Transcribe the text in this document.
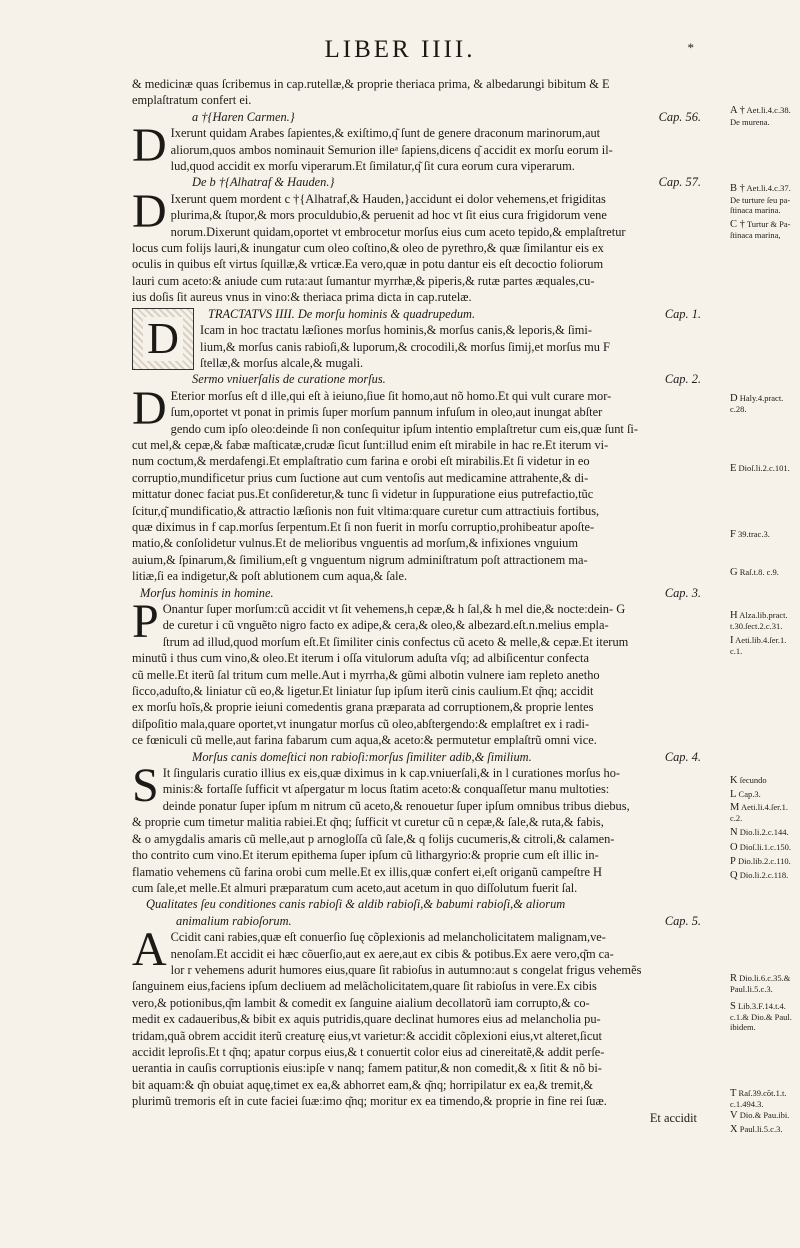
LIBER IIII.	*

& medicinæ quas ſcribemus in cap.rutellæ,& proprie theriaca prima, & albedarungi bibitum & E

emplaſtratum confert ei.

a †{Haren Carmen.}	Cap. 56.
D Ixerunt quidam Arabes ſapientes,& exiſtimo,q͂ ſunt de genere draconum marinorum,aut

aliorum,quos ambos nominauit Semurion illeᵃ ſapiens,dicens q͂ accidit ex morſu eorum il-

lud,quod accidit ex morſu viperarum.Et ſimilatur,q͂ ſit cura eorum cura viperarum.

De b †{Alhatraf & Hauden.}	Cap. 57.
D Ixerunt quem mordent c †{Alhatraf,& Hauden,}accidunt ei dolor vehemens,et frigiditas

plurima,& ſtupor,& mors proculdubio,& peruenit ad hoc vt ſit eius cura frigidorum vene

norum.Dixerunt quidam,oportet vt embrocetur morſus eius cum aceto tepido,& emplaſtretur

locus cum folijs lauri,& inungatur cum oleo coſtino,& oleo de pyrethro,& quæ ſimilantur eis ex

oculis in quibus eſt virtus ſquillæ,& vrticæ.Ea vero,quæ in potu dantur eis eſt decoctio foliorum

lauri cum aceto:& aniude cum ruta:aut ſumantur myrrhæ,& piperis,& rutæ partes æquales,cu-

ius doſis ſit aureus vnus in vino:& theriaca prima dicta in cap.rutelæ.

D	TRACTATVS IIII. De morſu hominis & quadrupedum.	Cap. 1.

Icam in hoc tractatu læſiones morſus hominis,& morſus canis,& leporis,& ſimi-

lium,& morſus canis rabioſi,& luporum,& crocodili,& morſus ſimij,et morſus mu F

ſtellæ,& morſus alcale,& mugali.

Sermo vniuerſalis de curatione morſus.	Cap. 2.
D Eterior morſus eſt d ille,qui eſt à ieiuno,ſiue ſit homo,aut nõ homo.Et qui vult curare mor-

ſum,oportet vt ponat in primis ſuper morſum pannum infuſum in oleo,aut inungat abſter

gendo cum ipſo oleo:deinde ſi non conſequitur ipſum intentio emplaſtretur cum eis,quæ ſunt ſi-

cut mel,& cepæ,& fabæ maſticatæ,crudæ ſicut ſunt:illud enim eſt mirabile in hac re.Et iterum vi-

num coctum,& merdafengi.Et emplaſtratio cum farina e orobi eſt mirabilis.Et ſi videtur in eo

corruptio,mundificetur prius cum ſuctione aut cum ventoſis aut medicamine attrahente,& di-

mittatur donec faciat pus.Et conſideretur,& tunc ſi videtur in ſuppuratione eius putrefactio,tũc

ſcitur,q͂ mundificatio,& attractio læſionis non fuit vltima:quare curetur cum attractiuis fortibus,

quæ diximus in f cap.morſus ſerpentum.Et ſi non fuerit in morſu corruptio,prohibeatur apoſte-

matio,& conſolidetur vulnus.Et de melioribus vnguentis ad morſum,& infixiones vnguium

auium,& ſpinarum,& ſimilium,eſt g vnguentum nigrum adminiſtratum poſt attractionem ma-

litiæ,ſi ea indigetur,& poſt ablutionem cum aqua,& ſale.

Morſus hominis in homine.	Cap. 3.
P Onantur ſuper morſum:cũ accidit vt ſit vehemens,h cepæ,& h ſal,& h mel die,& nocte:dein- G

de curetur i cũ vnguẽto nigro facto ex adipe,& cera,& oleo,& albezard.eſt.n.melius empla-

ſtrum ad illud,quod morſum eſt.Et ſimiliter cinis confectus cũ aceto & melle,& cepæ.Et iterum

minutũ i thus cum vino,& oleo.Et iterum i oſſa vitulorum aduſta vſq; ad albiſicentur confecta

cũ melle.Et iterũ ſal tritum cum melle.Aut i myrrha,& gũmi albotin vulnere iam repleto anetho

ſicco,aduſto,& liniatur cũ eo,& ligetur.Et liniatur ſup ipſum iterũ cinis caulium.Et q͂nq; accidit

ex morſu hoĩs,& proprie ieiuni comedentis grana præparata ad corruptionem,& proprie lentes

diſpoſitio mala,quare oportet,vt inungatur morſus cũ oleo,abſtergendo:& emplaſtret ex i radi-

ce fœniculi cũ melle,aut farina fabarum cum aqua,& aceto:& permutetur emplaſtrũ omni vice.

Morſus canis domeſtici non rabioſi:morſus ſimiliter adib,& ſimilium.	Cap. 4.
S It ſingularis curatio illius ex eis,quæ diximus in k cap.vniuerſali,& in l curationes morſus ho-

minis:& fortaſſe ſufficit vt aſpergatur m locus ſtatim aceto:& conquaſſetur manu multoties:

deinde ponatur ſuper ipſum m nitrum cũ aceto,& renouetur ſuper ipſum omnibus tribus diebus,

& proprie cum timetur malitia rabiei.Et q͂nq; ſufficit vt curetur cũ n cepæ,& ſale,& ruta,& fabis,

& o amygdalis amaris cũ melle,aut p arnogloſſa cũ ſale,& q folijs cucumeris,& citroli,& calamen-

tho contrito cum vino.Et iterum epithema ſuper ipſum cũ lithargyrio:& proprie cum eſt illic in-

flamatio vehemens cũ farina orobi cum melle.Et ex illis,quæ confert ei,eſt origanũ campeſtre H

cum ſale,et melle.Et almuri præparatum cum aceto,aut acetum in quo diſſolutum fuerit ſal.

Qualitates ſeu conditiones canis rabioſi & aldib rabioſi,& babumi rabioſi,& aliorum

animalium rabioſorum.	Cap. 5.
A Ccidit cani rabies,quæ eſt conuerſio ſuę cõplexionis ad melancholicitatem malignam,ve-

nenoſam.Et accidit ei hæc cõuerſio,aut ex aere,aut ex cibis & potibus.Ex aere vero,q͂m ca-

lor r vehemens adurit humores eius,quare ſit rabioſus in autumno:aut s congelat frigus vehemẽs

ſanguinem eius,faciens ipſum decliuem ad melãcholicitatem,quare ſit rabioſus in vere.Ex cibis

vero,& potionibus,q͂m lambit & comedit ex ſanguine aialium decollatorũ iam corrupto,& co-

medit ex cadaueribus,& bibit ex aquis putridis,quare declinat humores eius ad melancholia pu-

tridam,quã obrem accidit iterũ creaturę eius,vt varietur:& accidit cõplexioni eius,vt alteret,ſicut

accidit leproſis.Et t q͂nq; apatur corpus eius,& t conuertit color eius ad cinereitatẽ,& addit perſe-

uerantia in cauſis corruptionis eius:ipſe v nanq; famem patitur,& non comedit,& x ſitit & nõ bi-

bit aquam:& q͂n obuiat aquę,timet ex ea,& abhorret eam,& q͂nq; horripilatur ex ea,& tremit,&

plurimũ tremoris eſt in cute faciei ſuæ:imo q͂nq; moritur ex ea timendo,& proprie in fine rei ſuæ.

Et accidit

A † Aet.li.4.c.38.
De murena.
B † Aet.li.4.c.37.
De turture ſeu pa-ſtinaca marina.
C † Turtur & Pa-ſtinaca marina,
D Haly.4.pract. c.28.
E Dioſ.li.2.c.101.
F 39.trac.3.
G Raſ.t.8. c.9.
H Alza.lib.pract. t.30.ſect.2.c.31.
I Aeti.lib.4.ſer.1. c.1.
K ſecundo
L Cap.3.
M Aeti.li.4.ſer.1. c.2.
N Dio.li.2.c.144.
O Dioſ.li.1.c.150.
P Dio.lib.2.c.110.
Q Dio.li.2.c.118.
R Dio.li.6.c.35.& Paul.li.5.c.3.
S Lib.3.F.14.t.4. c.1.& Dio.& Paul. ibidem.
T Raſ.39.cõt.1.t. c.1.494.3.
V Dio.& Pau.ibi.
X Paul.li.5.c.3.
